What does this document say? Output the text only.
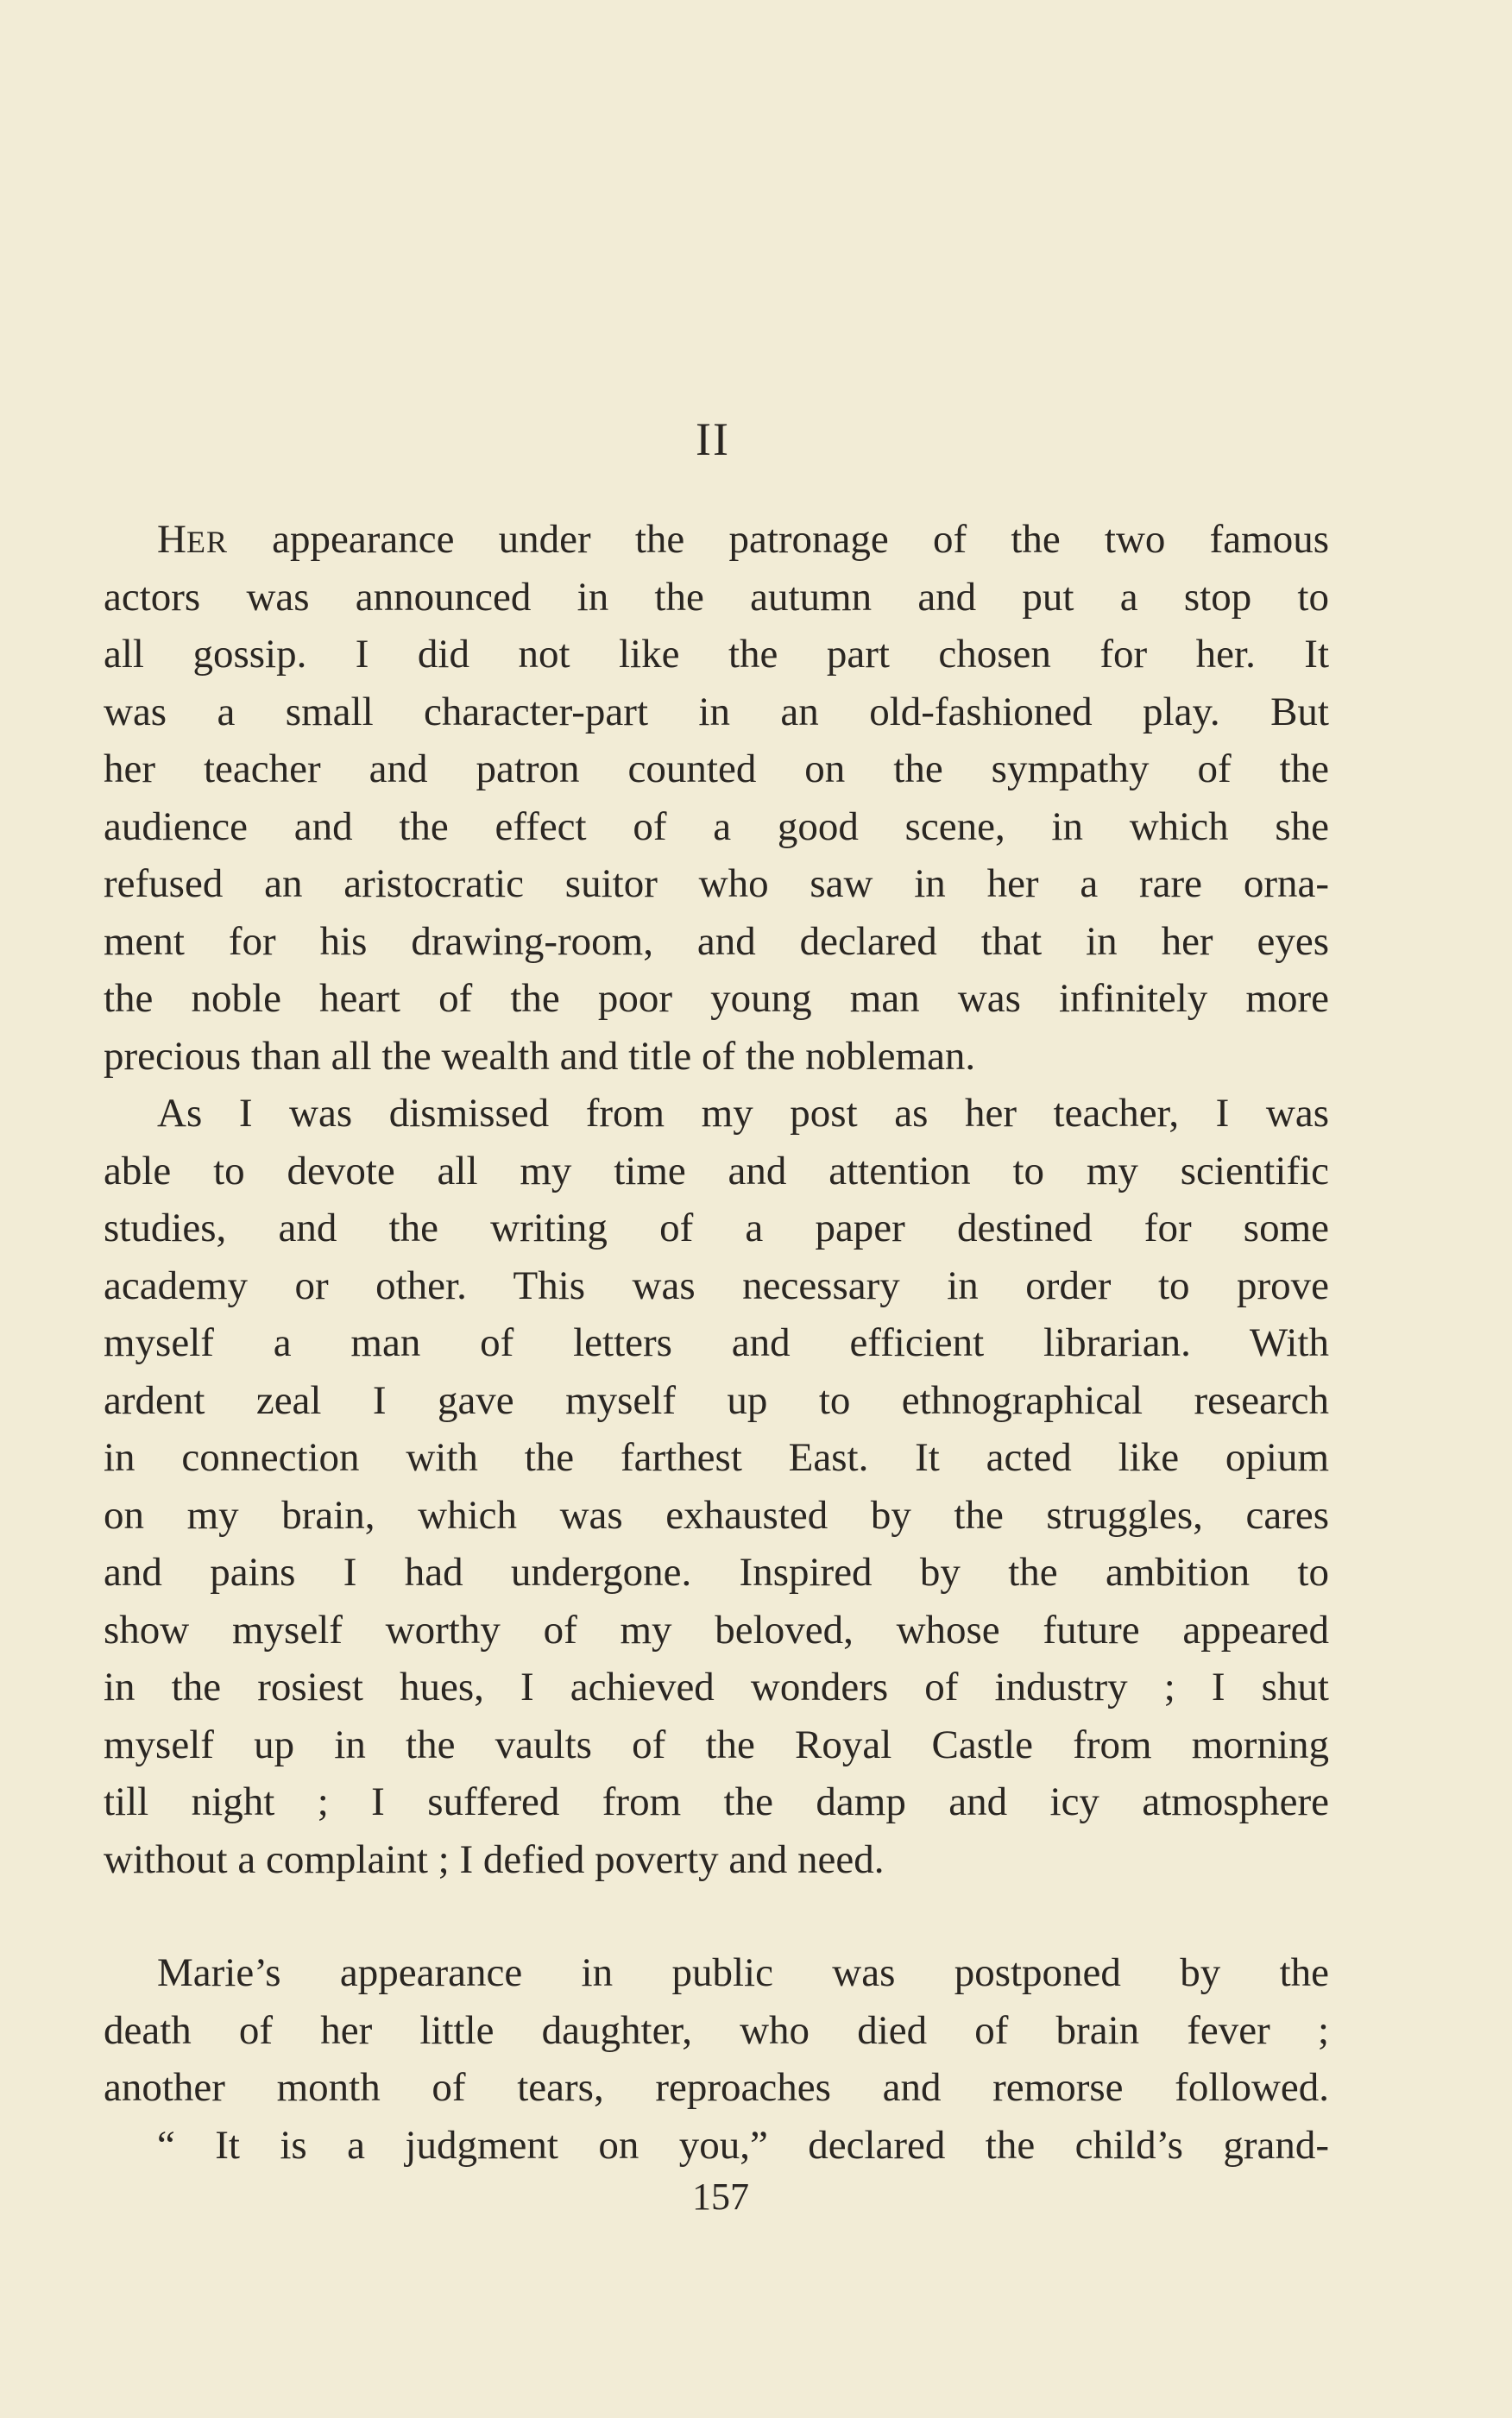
II
HER appearance under the patronage of the two famous
actors was announced in the autumn and put a stop to
all gossip. I did not like the part chosen for her. It
was a small character-part in an old-fashioned play. But
her teacher and patron counted on the sympathy of the
audience and the effect of a good scene, in which she
refused an aristocratic suitor who saw in her a rare orna-
ment for his drawing-room, and declared that in her eyes
the noble heart of the poor young man was infinitely more
precious than all the wealth and title of the nobleman.
As I was dismissed from my post as her teacher, I was
able to devote all my time and attention to my scientific
studies, and the writing of a paper destined for some
academy or other. This was necessary in order to prove
myself a man of letters and efficient librarian. With
ardent zeal I gave myself up to ethnographical research
in connection with the farthest East. It acted like opium
on my brain, which was exhausted by the struggles, cares
and pains I had undergone. Inspired by the ambition to
show myself worthy of my beloved, whose future appeared
in the rosiest hues, I achieved wonders of industry ; I shut
myself up in the vaults of the Royal Castle from morning
till night ; I suffered from the damp and icy atmosphere
without a complaint ; I defied poverty and need.
Marie’s appearance in public was postponed by the
death of her little daughter, who died of brain fever ;
another month of tears, reproaches and remorse followed.
“ It is a judgment on you,” declared the child’s grand-
157
